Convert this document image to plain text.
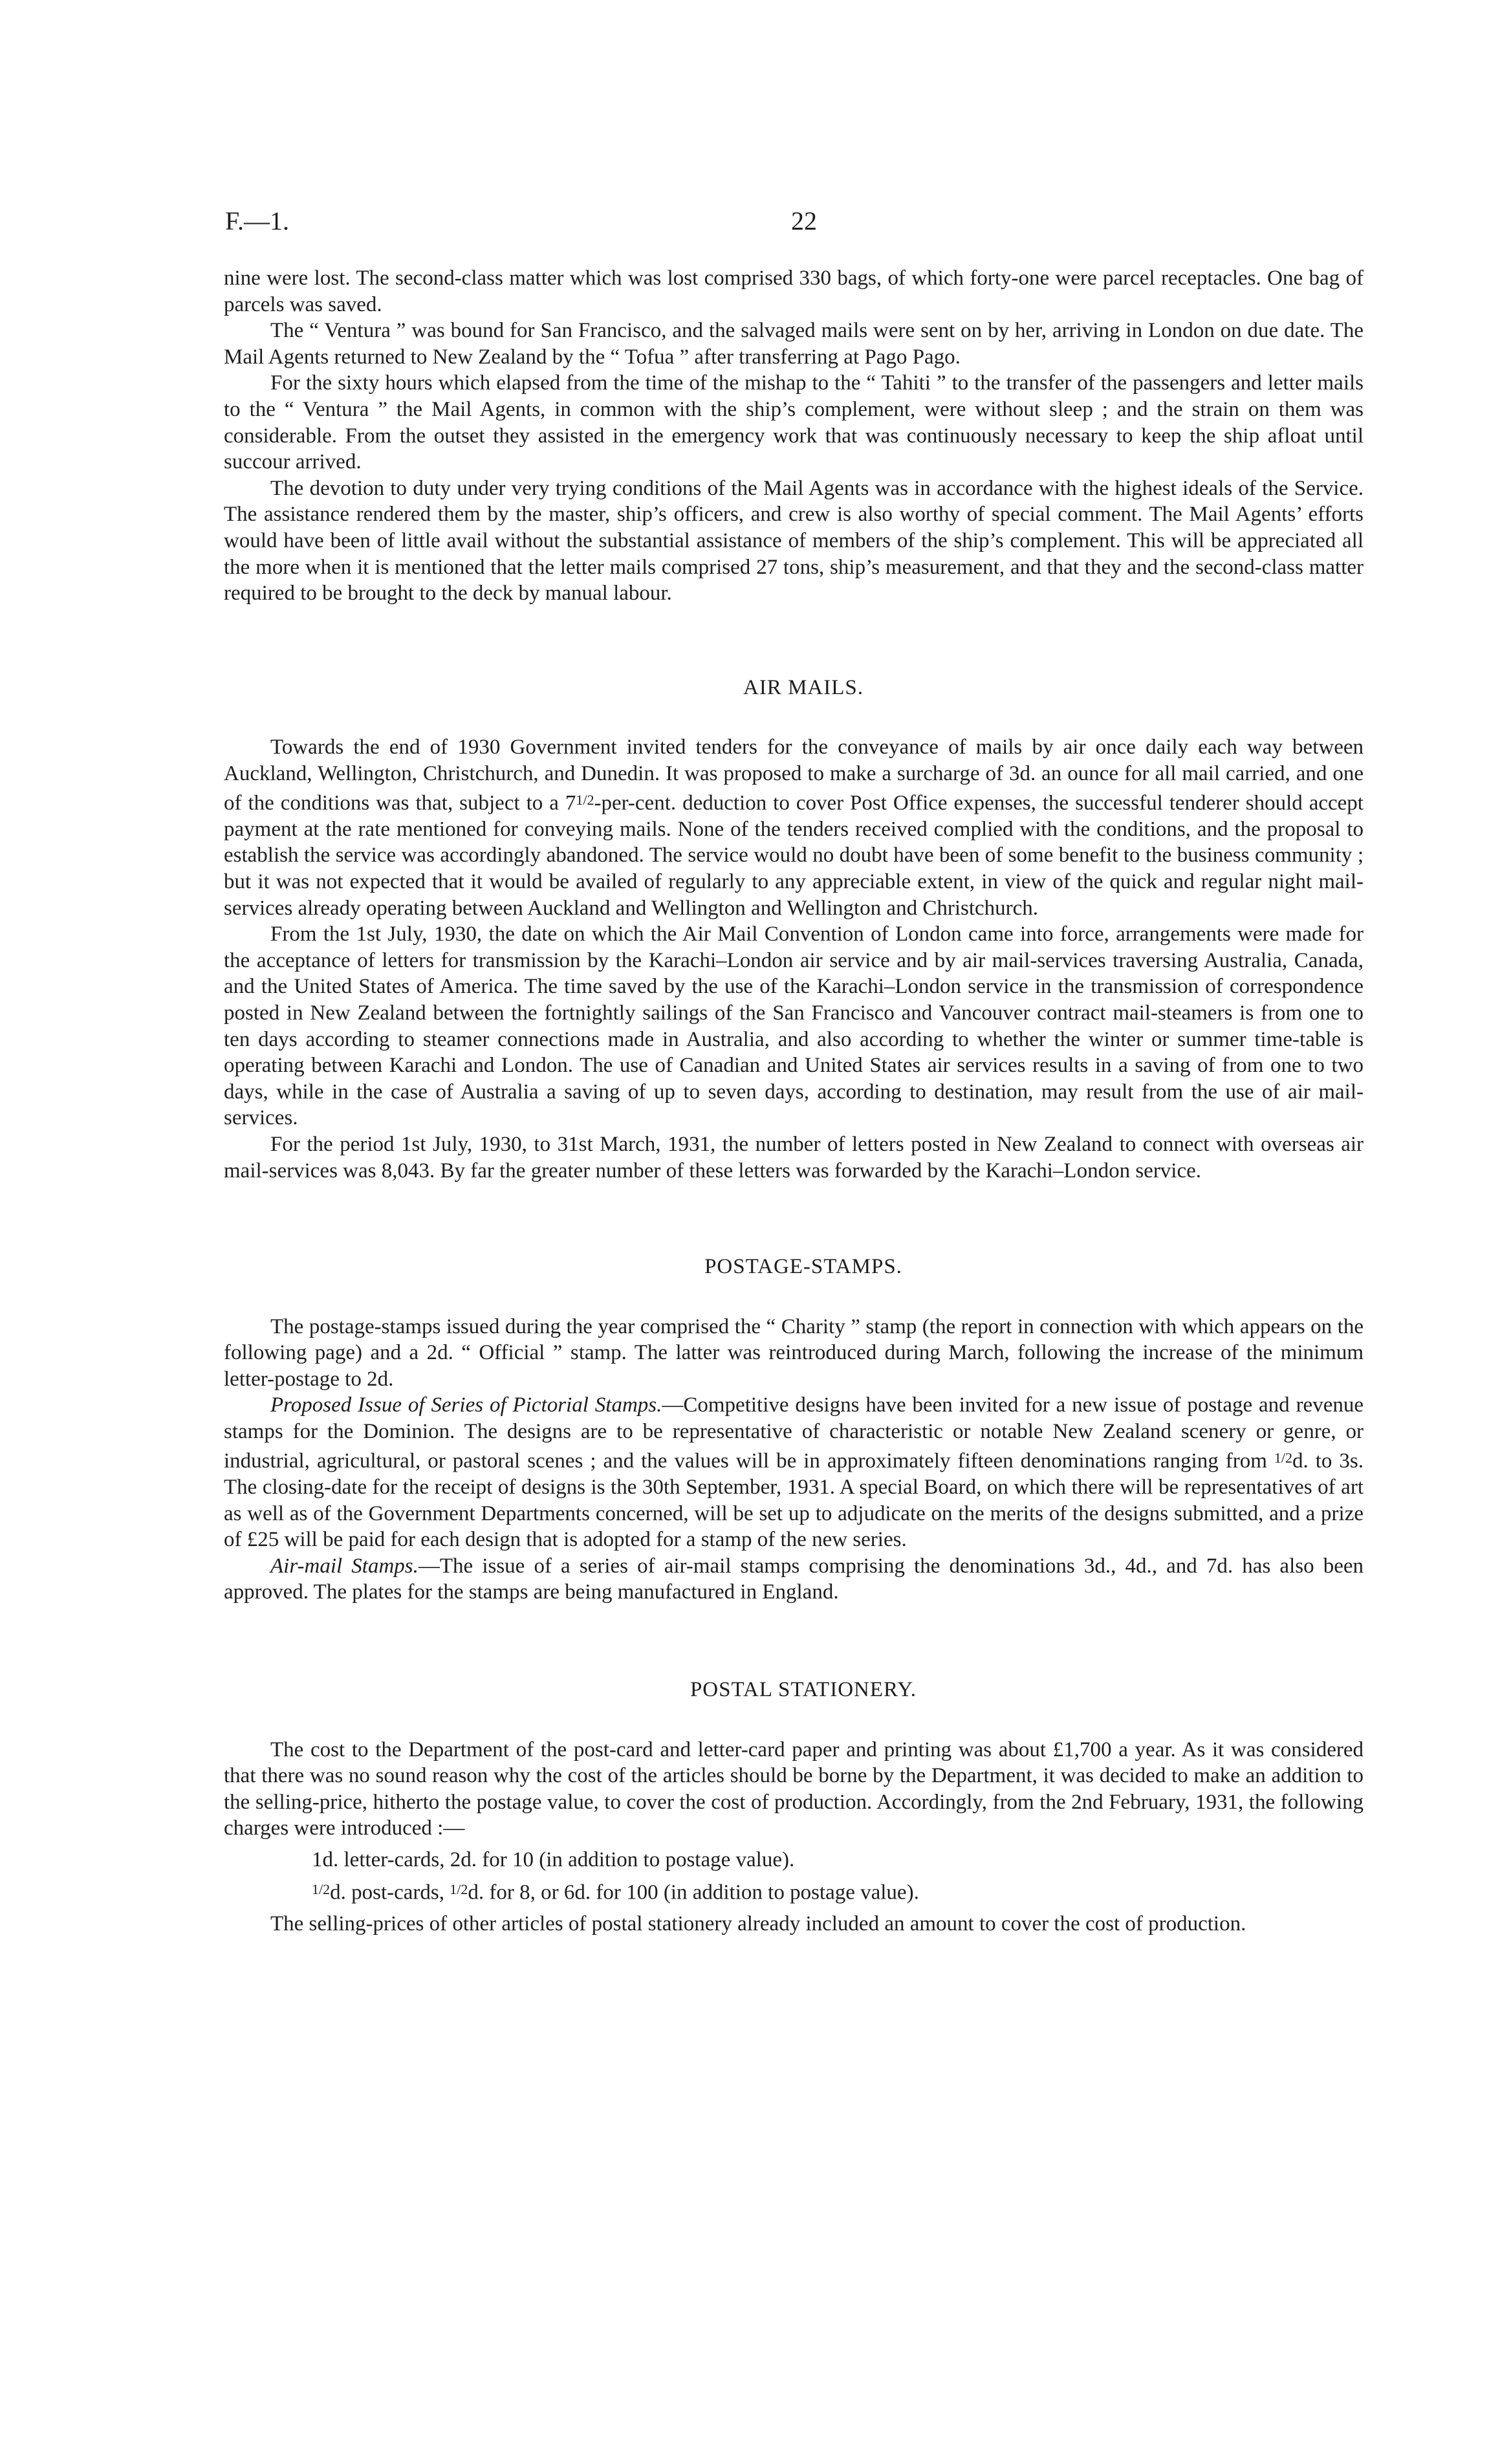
F.—1.	22

nine were lost. The second-class matter which was lost comprised 330 bags, of which forty-one were parcel receptacles. One bag of parcels was saved.

The “ Ventura ” was bound for San Francisco, and the salvaged mails were sent on by her, arriving in London on due date. The Mail Agents returned to New Zealand by the “ Tofua ” after transferring at Pago Pago.

For the sixty hours which elapsed from the time of the mishap to the “ Tahiti ” to the transfer of the passengers and letter mails to the “ Ventura ” the Mail Agents, in common with the ship’s complement, were without sleep ; and the strain on them was considerable. From the outset they assisted in the emergency work that was continuously necessary to keep the ship afloat until succour arrived.

The devotion to duty under very trying conditions of the Mail Agents was in accordance with the highest ideals of the Service. The assistance rendered them by the master, ship’s officers, and crew is also worthy of special comment. The Mail Agents’ efforts would have been of little avail without the substantial assistance of members of the ship’s complement. This will be appreciated all the more when it is mentioned that the letter mails comprised 27 tons, ship’s measurement, and that they and the second-class matter required to be brought to the deck by manual labour.

AIR MAILS.

Towards the end of 1930 Government invited tenders for the conveyance of mails by air once daily each way between Auckland, Wellington, Christchurch, and Dunedin. It was proposed to make a surcharge of 3d. an ounce for all mail carried, and one of the conditions was that, subject to a $7^{1/2}-per$-cent. deduction to cover Post Office expenses, the successful tenderer should accept payment at the rate mentioned for conveying mails. None of the tenders received complied with the conditions, and the proposal to establish the service was accordingly abandoned. The service would no doubt have been of some benefit to the business community ; but it was not expected that it would be availed of regularly to any appreciable extent, in view of the quick and regular night mail-services already operating between Auckland and Wellington and Wellington and Christchurch.

From the 1st July, 1930, the date on which the Air Mail Convention of London came into force, arrangements were made for the acceptance of letters for transmission by the Karachi–London air service and by air mail-services traversing Australia, Canada, and the United States of America. The time saved by the use of the Karachi–London service in the transmission of correspondence posted in New Zealand between the fortnightly sailings of the San Francisco and Vancouver contract mail-steamers is from one to ten days according to steamer connections made in Australia, and also according to whether the winter or summer time-table is operating between Karachi and London. The use of Canadian and United States air services results in a saving of from one to two days, while in the case of Australia a saving of up to seven days, according to destination, may result from the use of air mail-services.

For the period 1st July, 1930, to 31st March, 1931, the number of letters posted in New Zealand to connect with overseas air mail-services was 8,043. By far the greater number of these letters was forwarded by the Karachi–London service.

POSTAGE-STAMPS.

The postage-stamps issued during the year comprised the “ Charity ” stamp (the report in connection with which appears on the following page) and a 2d. “ Official ” stamp. The latter was reintroduced during March, following the increase of the minimum letter-postage to 2d.

Proposed Issue of Series of Pictorial Stamps.—Competitive designs have been invited for a new issue of postage and revenue stamps for the Dominion. The designs are to be representative of characteristic or notable New Zealand scenery or genre, or industrial, agricultural, or pastoral scenes ; and the values will be in approximately fifteen denominations ranging from $^{1/2}$d. to 3s. The closing-date for the receipt of designs is the 30th September, 1931. A special Board, on which there will be representatives of art as well as of the Government Departments concerned, will be set up to adjudicate on the merits of the designs submitted, and a prize of £25 will be paid for each design that is adopted for a stamp of the new series.

Air-mail Stamps.—The issue of a series of air-mail stamps comprising the denominations 3d., 4d., and 7d. has also been approved. The plates for the stamps are being manufactured in England.

POSTAL STATIONERY.

The cost to the Department of the post-card and letter-card paper and printing was about £1,700 a year. As it was considered that there was no sound reason why the cost of the articles should be borne by the Department, it was decided to make an addition to the selling-price, hitherto the postage value, to cover the cost of production. Accordingly, from the 2nd February, 1931, the following charges were introduced :—

1d. letter-cards, 2d. for 10 (in addition to postage value).
$^{1/2}$d. post-cards, $^{1/2}$d. for 8, or 6d. for 100 (in addition to postage value).

The selling-prices of other articles of postal stationery already included an amount to cover the cost of production.
